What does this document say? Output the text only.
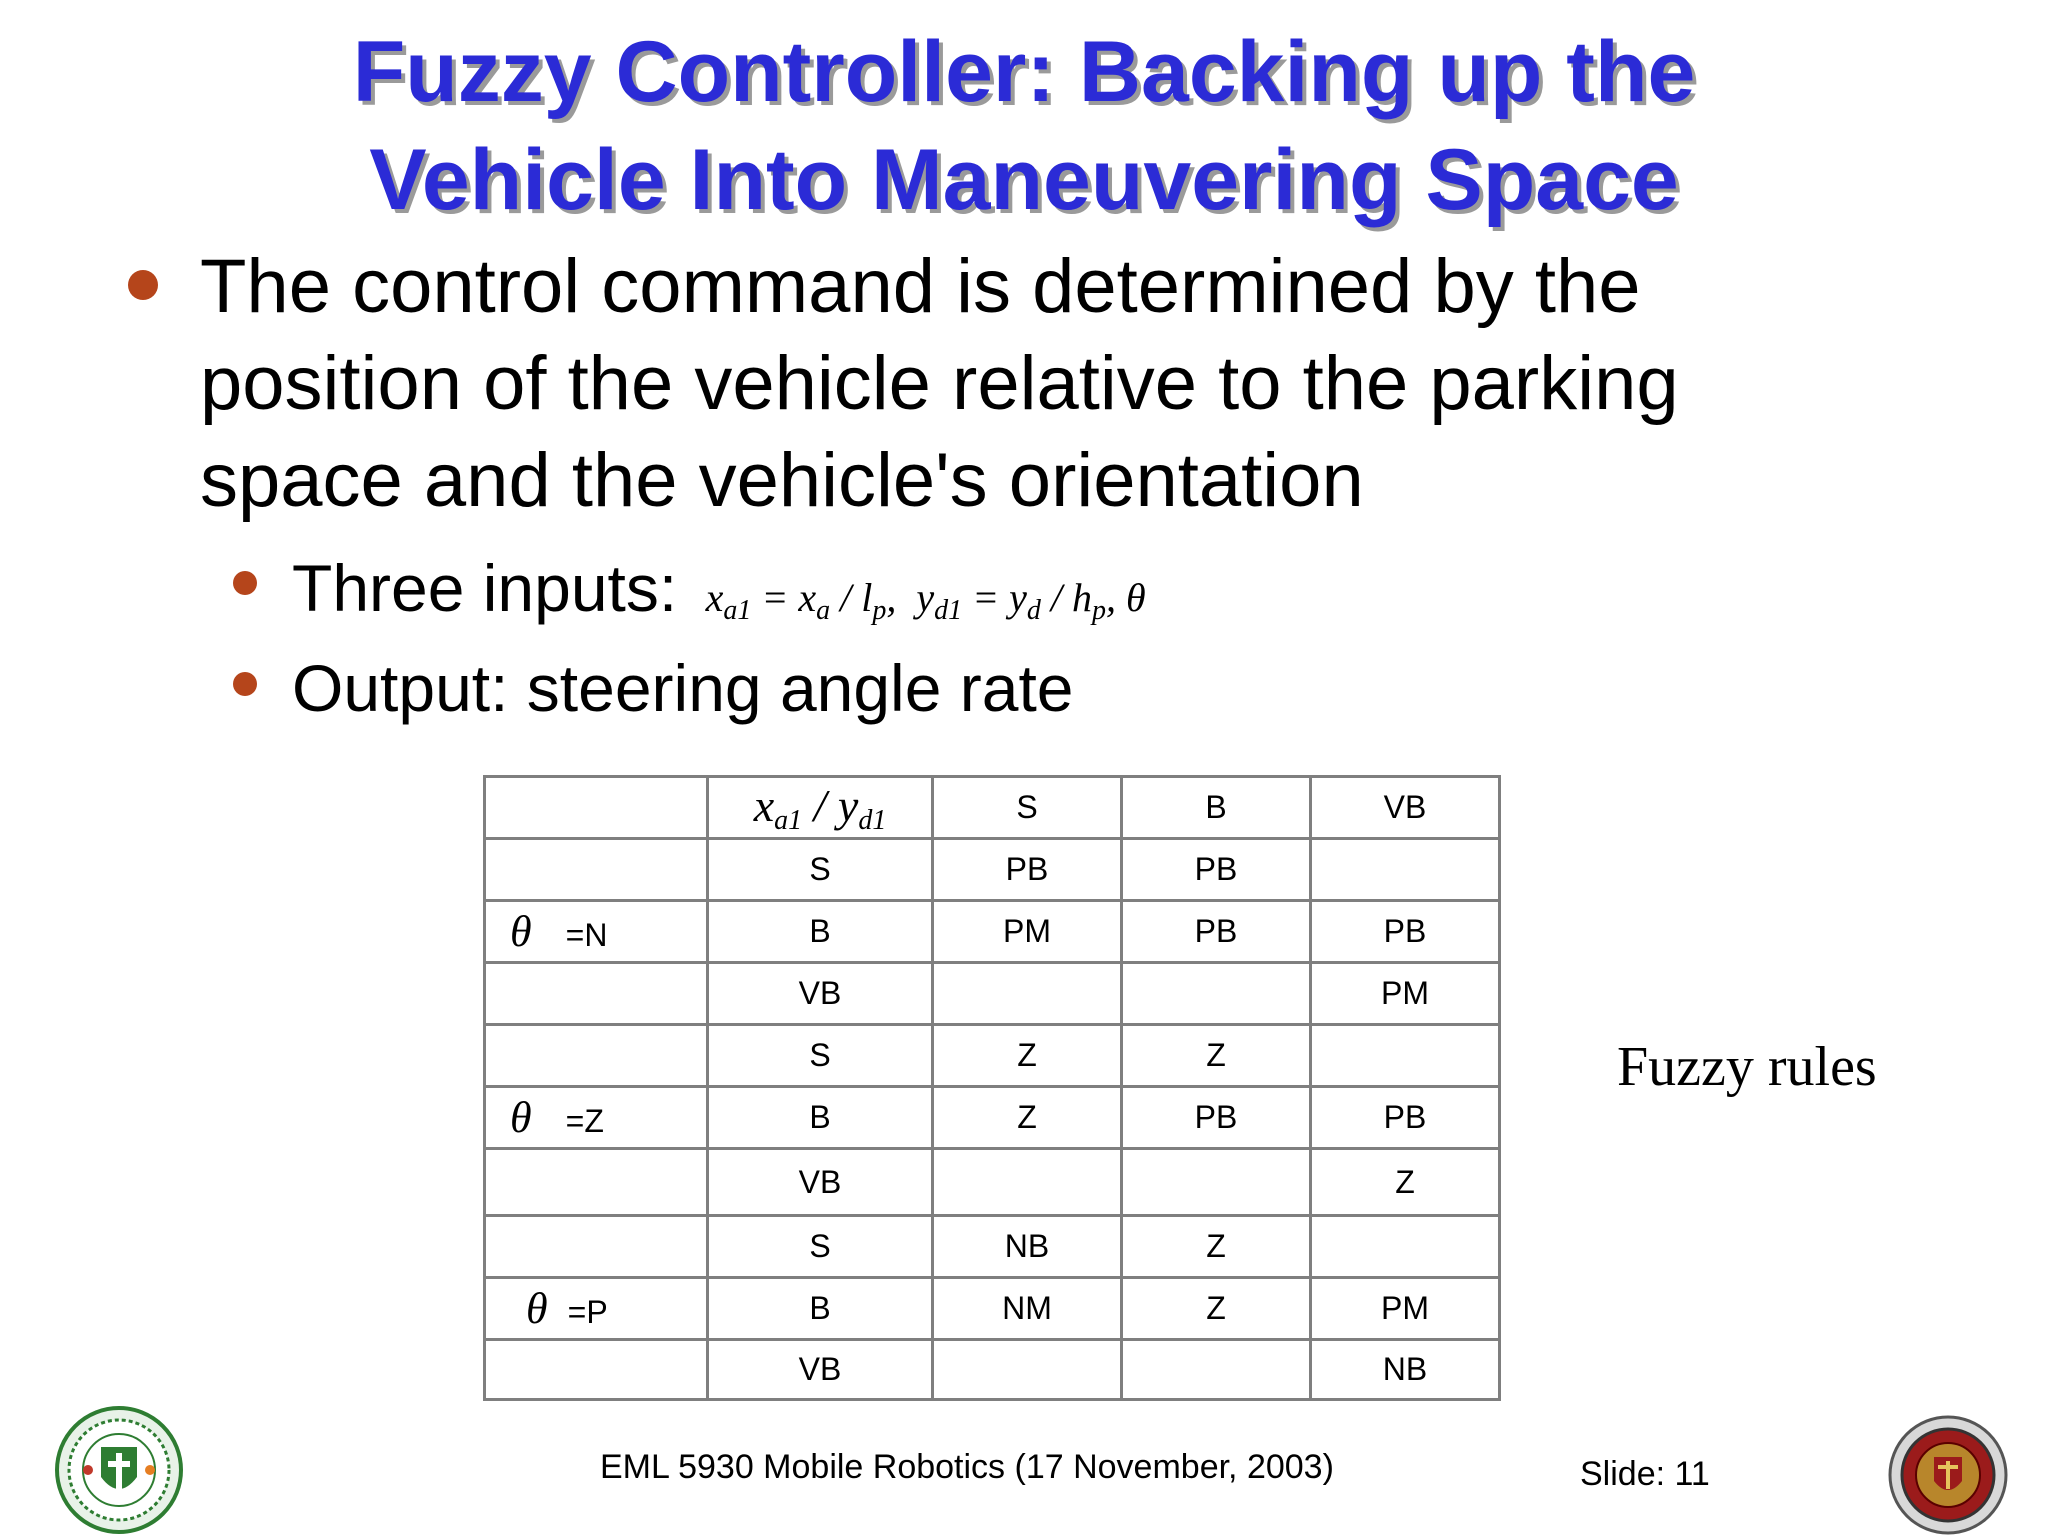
Fuzzy Controller: Backing up the
Vehicle Into Maneuvering Space
The control command is determined by the
position of the vehicle relative to the parking
space and the vehicle's orientation
Three inputs:  $x_{a1} = x_a / l_p$,  $y_{d1} = y_d / h_p$, θ
Output: steering angle rate
	$x_{a1} / y_{d1}$	S	B	VB
	S	PB	PB	
θ =N	B	PM	PB	PB
	VB			PM
	S	Z	Z	
θ =Z	B	Z	PB	PB
	VB			Z
	S	NB	Z	
θ =P	B	NM	Z	PM
	VB			NB
Fuzzy rules
EML 5930 Mobile Robotics (17 November, 2003)	Slide: 11
